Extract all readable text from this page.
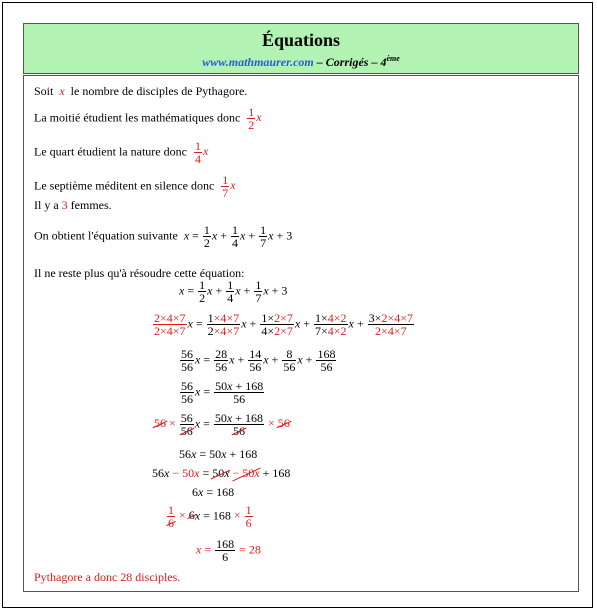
Équations
www.mathmaurer.com – Corrigés – 4ème
Soit x le nombre de disciples de Pythagore.
La moitié étudient les mathématiques donc $\frac{1}{2}$ x
Le quart étudient la nature donc $\frac{1}{4}$ x
Le septième méditent en silence donc $\frac{1}{7}$ x
Il y a 3 femmes.
On obtient l'équation suivante $x = \frac{1}{2}$ $x + \frac{1}{4}$ $x + \frac{1}{7}$ x + 3
Il ne reste plus qu'à résoudre cette équation:
$x = \frac{1}{2}$ $x + \frac{1}{4}$ $x + \frac{1}{7}$ x + 3
$\frac{2\times 4\times 7}{2\times 4\times 7}$ $x = \frac{1\times 4\times 7}{2\times 4\times 7}$ $x + \frac{1\times 2\times 7}{4\times 2\times 7}$ $x + \frac{1\times 4\times 2}{7\times 4\times 2}$ $x + \frac{3\times 2\times 4\times 7}{2\times 4\times 7}$
$\frac{56}{56}$ $x = \frac{28}{56}$ $x + \frac{14}{56}$ $x + \frac{8}{56}$ $x + \frac{168}{56}$
$\frac{56}{56}$ $x = \frac{50x + 168}{56}$
$56 \times \frac{56}{56}$ $x = \frac{50x + 168}{56} \times 56$
56x = 50x + 168
56x − 50x = 50x − 50x + 168
6x = 168
$\frac{1}{6} \times 6x = 168 \times \frac{1}{6}$
$x = \frac{168}{6} = 28$
Pythagore a donc 28 disciples.
